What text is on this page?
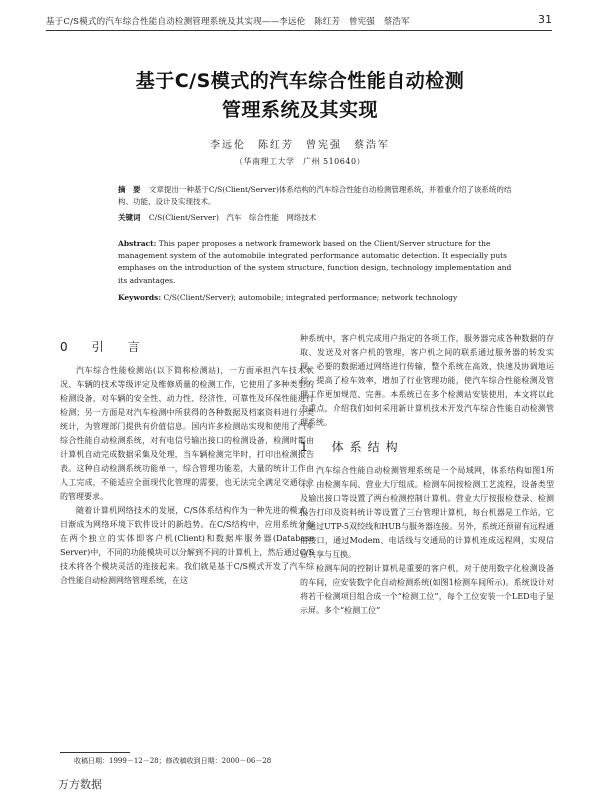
基于C/S模式的汽车综合性能自动检测管理系统及其实现——李远伦　陈红芳　曾宪强　蔡浩军	31
基于C/S模式的汽车综合性能自动检测
管理系统及其实现
李远伦　陈红芳　曾宪强　蔡浩军
（华南理工大学　广州 510640）
摘　要 文章提出一种基于C/S(Client/Server)体系结构的汽车综合性能自动检测管理系统，并着重介绍了该系统的结构、功能、设计及实现技术。
关键词 C/S(Client/Server)　汽车　综合性能　网络技术
Abstract: This paper proposes a network framework based on the Client/Server structure for the management system of the automobile integrated performance automatic detection. It especially puts emphases on the introduction of the system structure, function design, technology implementation and its advantages.
Keywords: C/S(Client/Server); automobile; integrated performance; network technology
0　引　言

汽车综合性能检测站(以下简称检测站)，一方面承担汽车技术状况、车辆的技术等级评定及维修质量的检测工作，它使用了多种类型的检测设备，对车辆的安全性、动力性、经济性、可靠性及环保性能进行检测；另一方面是对汽车检测中所获得的各种数据及档案资料进行分类统计，为管理部门提供有价值信息。国内许多检测站实现和使用了汽车综合性能自动检测系统，对有电信号输出接口的检测设备，检测时都由计算机自动完成数据采集及处理，当车辆检测完毕时，打印出检测报告表。这种自动检测系统功能单一，综合管理功能差，大量的统计工作由人工完成，不能适应全面现代化管理的需要，也无法完全满足交通行业的管理要求。

随着计算机网络技术的发展，C/S体系结构作为一种先进的模式，日渐成为网络环境下软件设计的新趋势。在C/S结构中，应用系统分布在两个独立的实体即客户机(Client)和数据库服务器(Database Server)中，不同的功能模块可以分解到不同的计算机上，然后通过C/S技术将各个模块灵活的连接起来。我们就是基于C/S模式开发了汽车综合性能自动检测网络管理系统，在这

种系统中，客户机完成用户指定的各项工作，服务器完成各种数据的存取、发送及对客户机的管理，客户机之间的联系通过服务器的转发实现，必要的数据通过网络进行传输，整个系统在高效、快速及协调地运行，提高了检车效率，增加了行业管理功能，使汽车综合性能检测及管理工作更加规范、完善。本系统已在多个检测站安装使用，本文将以此为重点，介绍我们如何采用新计算机技术开发汽车综合性能自动检测管理系统。

1　体系结构

汽车综合性能自动检测管理系统是一个局域网，体系结构如图1所示，由检测车间、营业大厅组成。检测车间按检测工艺流程，设备类型及输出接口等设置了两台检测控制计算机。营业大厅按报检登录、检测报告打印及资料统计等设置了三台管理计算机，每台机器是工作站，它们通过UTP-5双绞线和HUB与服务器连接。另外，系统还预留有远程通信接口，通过Modem、电话线与交通局的计算机连成远程网，实现信息共享与互换。

检测车间的控制计算机是重要的客户机，对于使用数字化检测设备的车间，应安装数字化自动检测系统(如图1检测车间所示)。系统设计对将若干检测项目组合成一个“检测工位”，每个工位安装一个LED电子显示屏。多个“检测工位”

收稿日期：1999－12－28；修改稿收到日期：2000－06－28
万方数据
